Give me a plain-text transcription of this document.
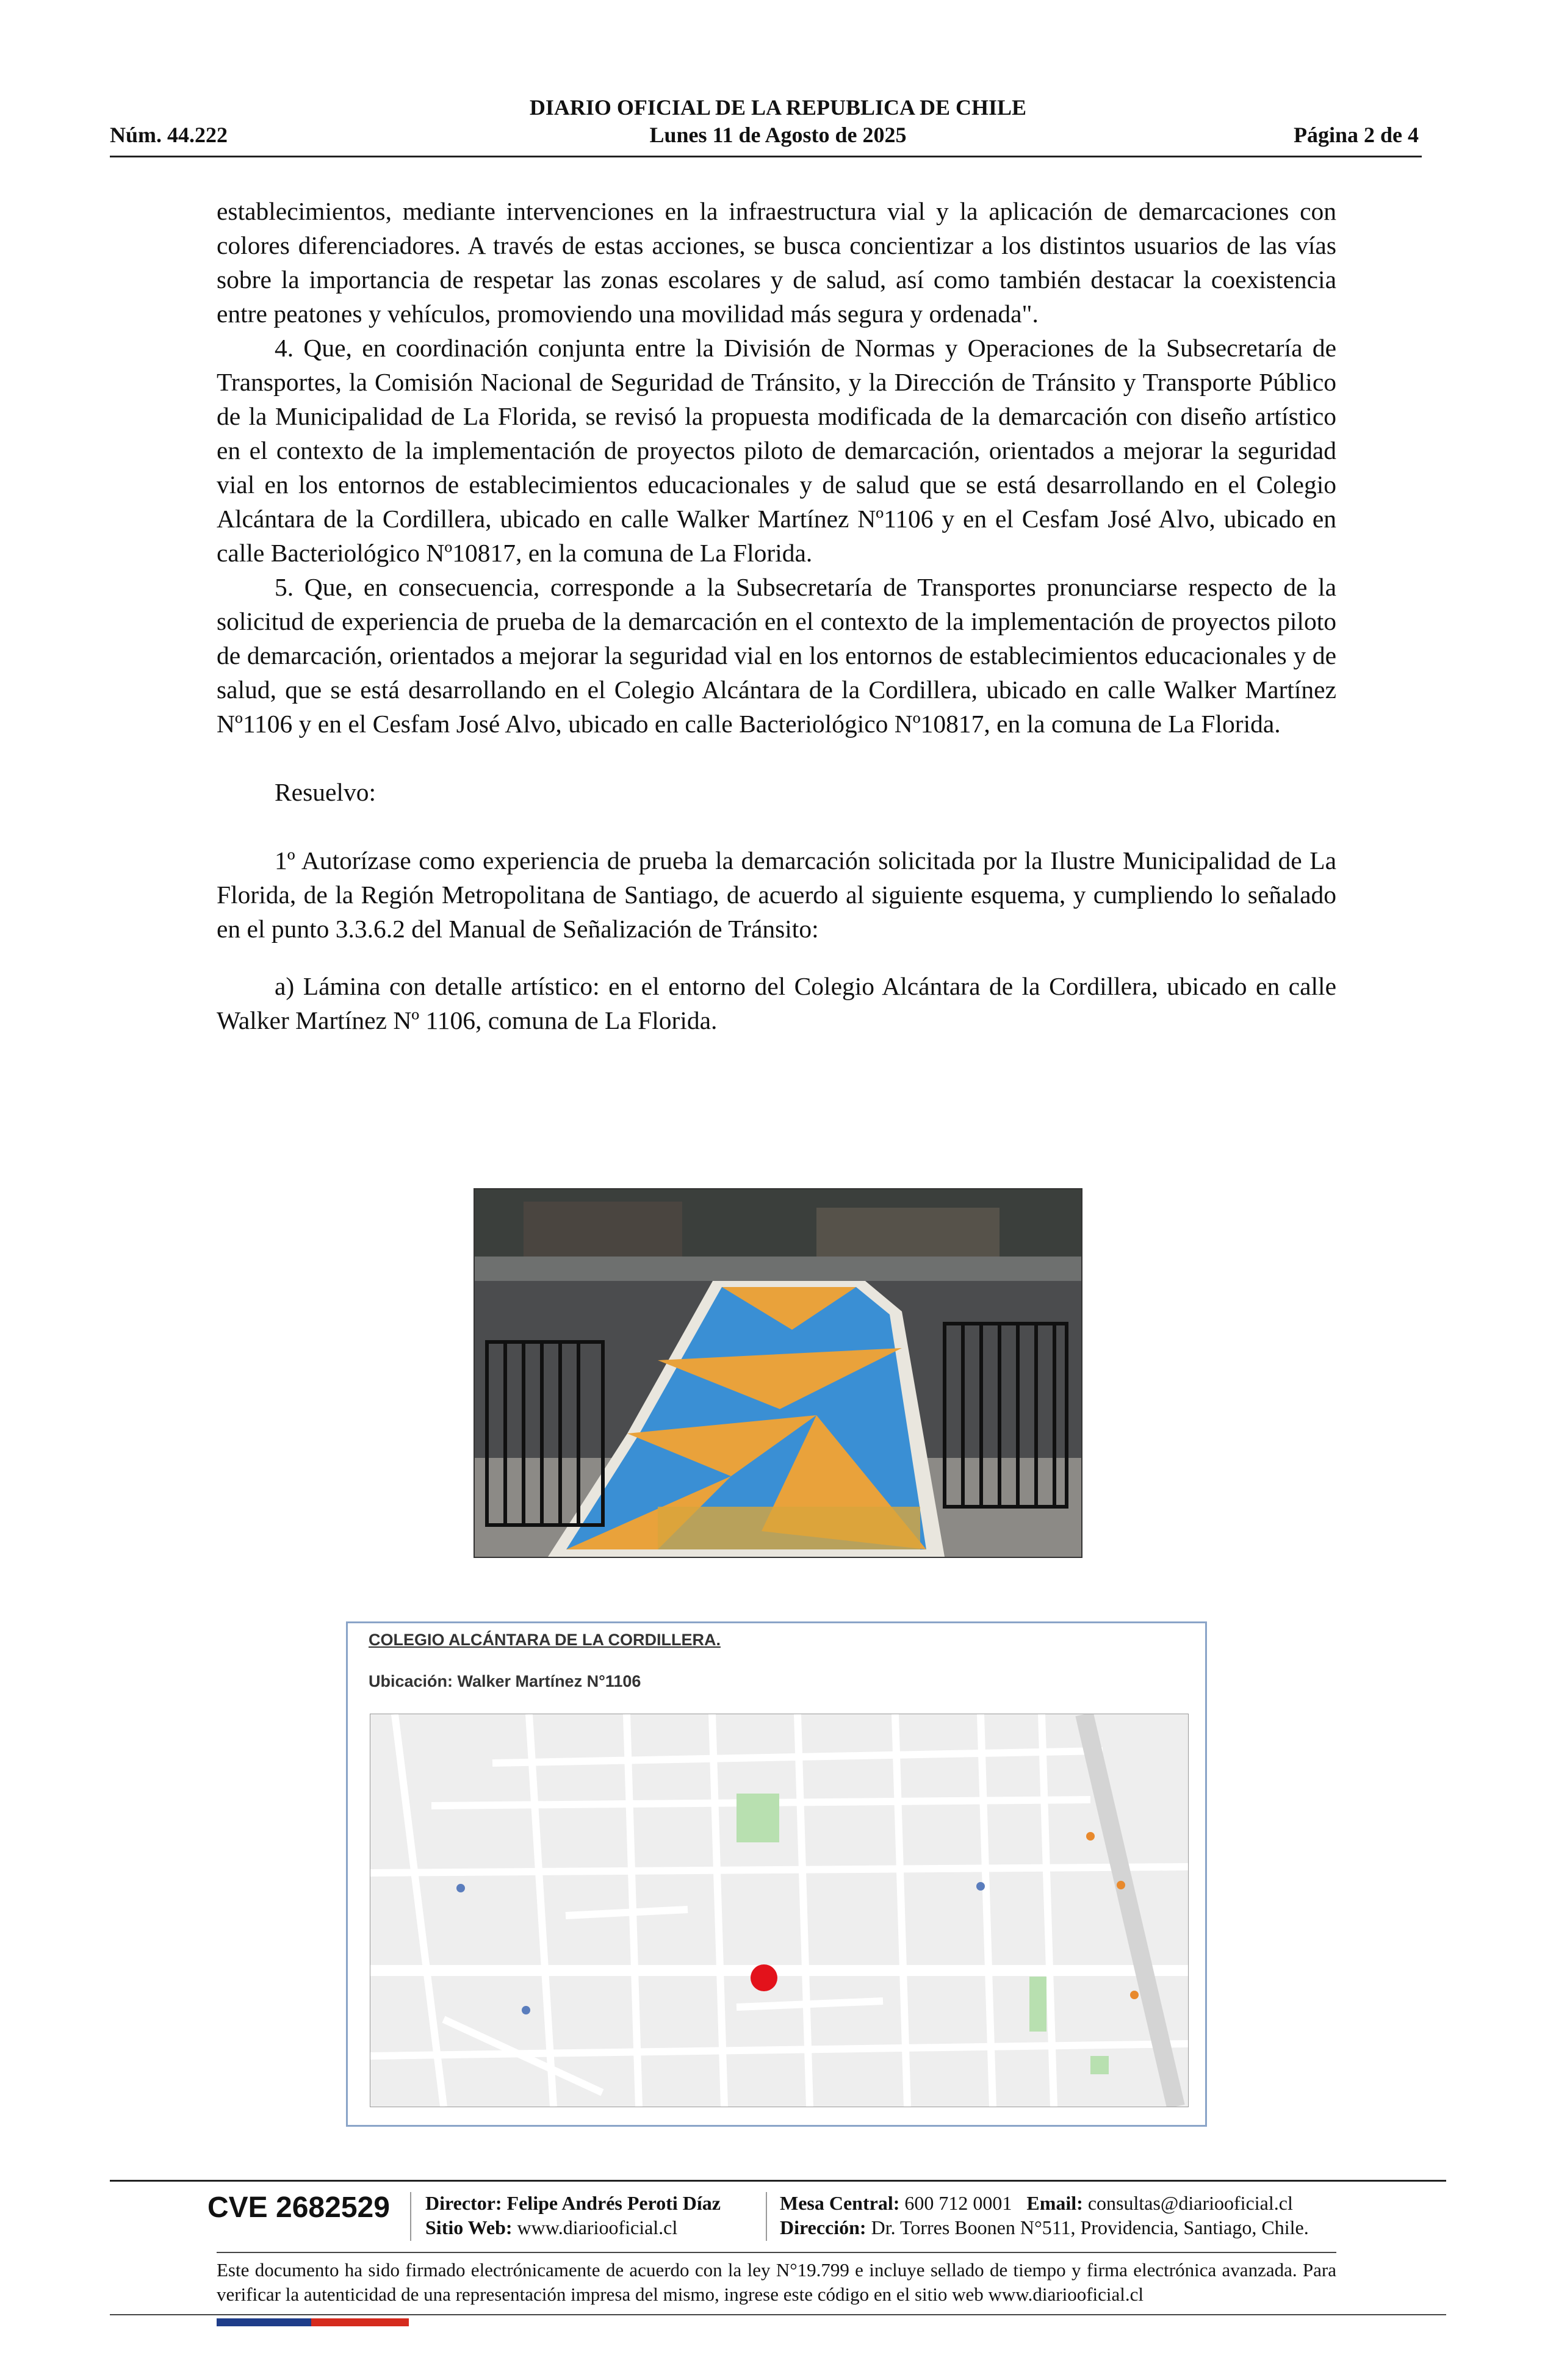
DIARIO OFICIAL DE LA REPUBLICA DE CHILE
Núm. 44.222	Lunes 11 de Agosto de 2025	Página 2 de 4

establecimientos, mediante intervenciones en la infraestructura vial y la aplicación de demarcaciones con colores diferenciadores. A través de estas acciones, se busca concientizar a los distintos usuarios de las vías sobre la importancia de respetar las zonas escolares y de salud, así como también destacar la coexistencia entre peatones y vehículos, promoviendo una movilidad más segura y ordenada".

4. Que, en coordinación conjunta entre la División de Normas y Operaciones de la Subsecretaría de Transportes, la Comisión Nacional de Seguridad de Tránsito, y la Dirección de Tránsito y Transporte Público de la Municipalidad de La Florida, se revisó la propuesta modificada de la demarcación con diseño artístico en el contexto de la implementación de proyectos piloto de demarcación, orientados a mejorar la seguridad vial en los entornos de establecimientos educacionales y de salud que se está desarrollando en el Colegio Alcántara de la Cordillera, ubicado en calle Walker Martínez Nº1106 y en el Cesfam José Alvo, ubicado en calle Bacteriológico Nº10817, en la comuna de La Florida.

5. Que, en consecuencia, corresponde a la Subsecretaría de Transportes pronunciarse respecto de la solicitud de experiencia de prueba de la demarcación en el contexto de la implementación de proyectos piloto de demarcación, orientados a mejorar la seguridad vial en los entornos de establecimientos educacionales y de salud, que se está desarrollando en el Colegio Alcántara de la Cordillera, ubicado en calle Walker Martínez Nº1106 y en el Cesfam José Alvo, ubicado en calle Bacteriológico Nº10817, en la comuna de La Florida.

Resuelvo:

1º Autorízase como experiencia de prueba la demarcación solicitada por la Ilustre Municipalidad de La Florida, de la Región Metropolitana de Santiago, de acuerdo al siguiente esquema, y cumpliendo lo señalado en el punto 3.3.6.2 del Manual de Señalización de Tránsito:

a) Lámina con detalle artístico: en el entorno del Colegio Alcántara de la Cordillera, ubicado en calle Walker Martínez Nº 1106, comuna de La Florida.

COLEGIO ALCÁNTARA DE LA CORDILLERA.
Ubicación: Walker Martínez N°1106
CVE 2682529 Director: Felipe Andrés Peroti Díaz
Sitio Web: www.diariooficial.cl
Mesa Central: 600 712 0001 Email: consultas@diariooficial.cl
Dirección: Dr. Torres Boonen N°511, Providencia, Santiago, Chile.
Este documento ha sido firmado electrónicamente de acuerdo con la ley N°19.799 e incluye sellado de tiempo y firma electrónica avanzada. Para verificar la autenticidad de una representación impresa del mismo, ingrese este código en el sitio web www.diariooficial.cl
